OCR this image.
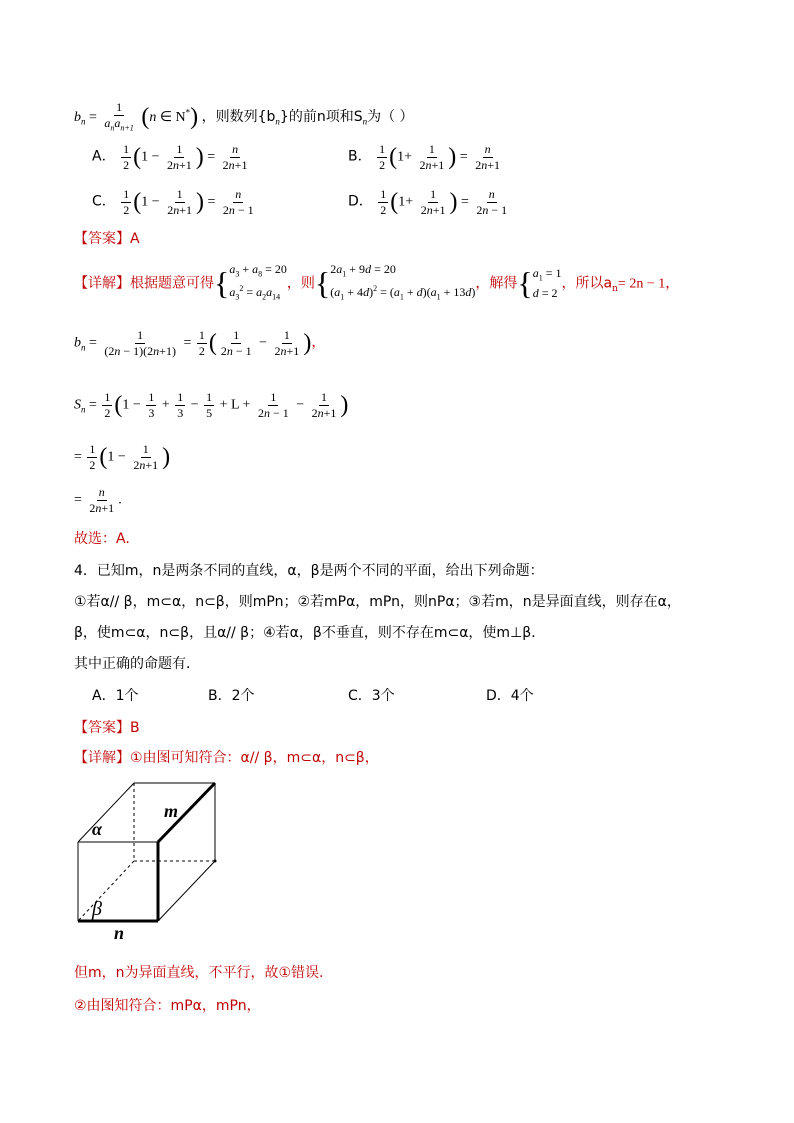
$b_n = \frac{1}{a_na_{n+1}} (n$ ∈ N*) ，则数列$\{b_n\}$的前n项和$S_n$为（ ）
A． $\frac{1}{2} (1 - \frac{1}{2n+1}$ ) = $\frac{n}{2n+1}$	B． $\frac{1}{2} (1+ \frac{1}{2n+1}$ ) = $\frac{n}{2n+1}$
C． $\frac{1}{2} (1 - \frac{1}{2n+1}$ ) = $\frac{n}{2n - 1}$	D． $\frac{1}{2} (1+ \frac{1}{2n+1}$ ) = $\frac{n}{2n - 1}$
【答案】A
【详解】根据题意可得{ $a_3 + a_8 = 20$
$a_3^2 = a_2a_{14}$
，则{ $2a_1 + 9d = 20$
$(a_1 + 4d)^2 = (a_1 + d)(a_1 + 13d)$
，解得{ $a_1 = 1$
d = 2
，所以$a_n= 2n - 1$，
$b_n = \frac{1}{(2n - 1)(2n+1)} = \frac{1}{2}$ ( $\frac{1}{2n - 1} - \frac{1}{2n+1}$ )，
$S_n = \frac{1}{2} (1 - \frac{1}{3} + \frac{1}{3} - \frac{1}{5} + L + \frac{1}{2n - 1} - \frac{1}{2n+1}$ )
= $\frac{1}{2} (1 - \frac{1}{2n+1}$ )
= $\frac{n}{2n+1}$ .
故选：A.
4．已知m，n是两条不同的直线，α，β是两个不同的平面，给出下列命题：
①若α// β，m⊂α，n⊂β，则mPn；②若mPα，mPn，则nPα；③若m，n是异面直线，则存在α，
β，使m⊂α，n⊂β，且α// β；④若α，β不垂直，则不存在m⊂α，使m⊥β．
其中正确的命题有．
A．1个	B．2个	C．3个	D．4个
【答案】B
【详解】①由图可知符合：α// β，m⊂α，n⊂β，
m
α
β
n
但m，n为异面直线，不平行，故①错误.
②由图知符合：mPα，mPn，
